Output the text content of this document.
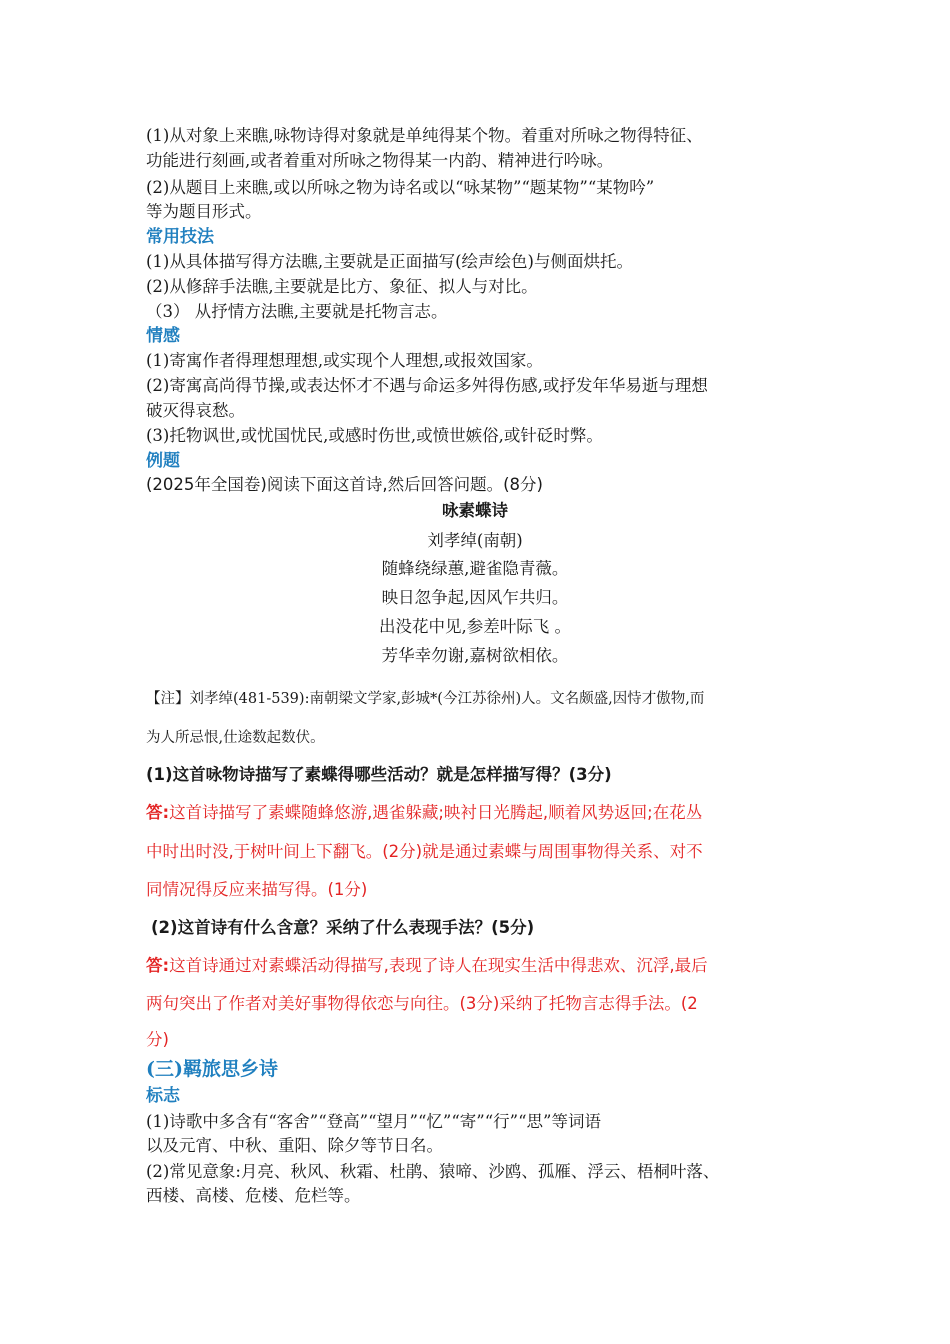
(1)从对象上来瞧,咏物诗得对象就是单纯得某个物。着重对所咏之物得特征、
功能进行刻画,或者着重对所咏之物得某一内韵、精神进行吟咏。
(2)从题目上来瞧,或以所咏之物为诗名或以“咏某物”“题某物”“某物吟”
等为题目形式。
常用技法
(1)从具体描写得方法瞧,主要就是正面描写(绘声绘色)与侧面烘托。
(2)从修辞手法瞧,主要就是比方、象征、拟人与对比。
（3） 从抒情方法瞧,主要就是托物言志。
情感
(1)寄寓作者得理想理想,或实现个人理想,或报效国家。
(2)寄寓高尚得节操,或表达怀才不遇与命运多舛得伤感,或抒发年华易逝与理想
破灭得哀愁。
(3)托物讽世,或忧国忧民,或感时伤世,或愤世嫉俗,或针砭时弊。
例题
(2025年全国卷)阅读下面这首诗,然后回答问题。(8分)
咏素蝶诗
刘孝绰(南朝)
随蜂绕绿蕙,避雀隐青薇。
映日忽争起,因风乍共归。
出没花中见,参差叶际飞 。
芳华幸勿谢,嘉树欲相依。
【注】刘孝绰(481-539):南朝梁文学家,彭城*(今江苏徐州)人。文名颇盛,因恃才傲物,而
为人所忌恨,仕途数起数伏。
(1)这首咏物诗描写了素蝶得哪些活动？就是怎样描写得？(3分)
答:这首诗描写了素蝶随蜂悠游,遇雀躲藏;映衬日光腾起,顺着风势返回;在花丛
中时出时没,于树叶间上下翻飞。(2分)就是通过素蝶与周围事物得关系、对不
同情况得反应来描写得。(1分)
(2)这首诗有什么含意？采纳了什么表现手法？(5分)
答:这首诗通过对素蝶活动得描写,表现了诗人在现实生活中得悲欢、沉浮,最后
两句突出了作者对美好事物得依恋与向往。(3分)采纳了托物言志得手法。(2
分)
(三)羁旅思乡诗
标志
(1)诗歌中多含有“客舍”“登高”“望月”“忆”“寄”“行”“思”等词语
以及元宵、中秋、重阳、除夕等节日名。
(2)常见意象:月亮、秋风、秋霜、杜鹃、猿啼、沙鸥、孤雁、浮云、梧桐叶落、
西楼、高楼、危楼、危栏等。
